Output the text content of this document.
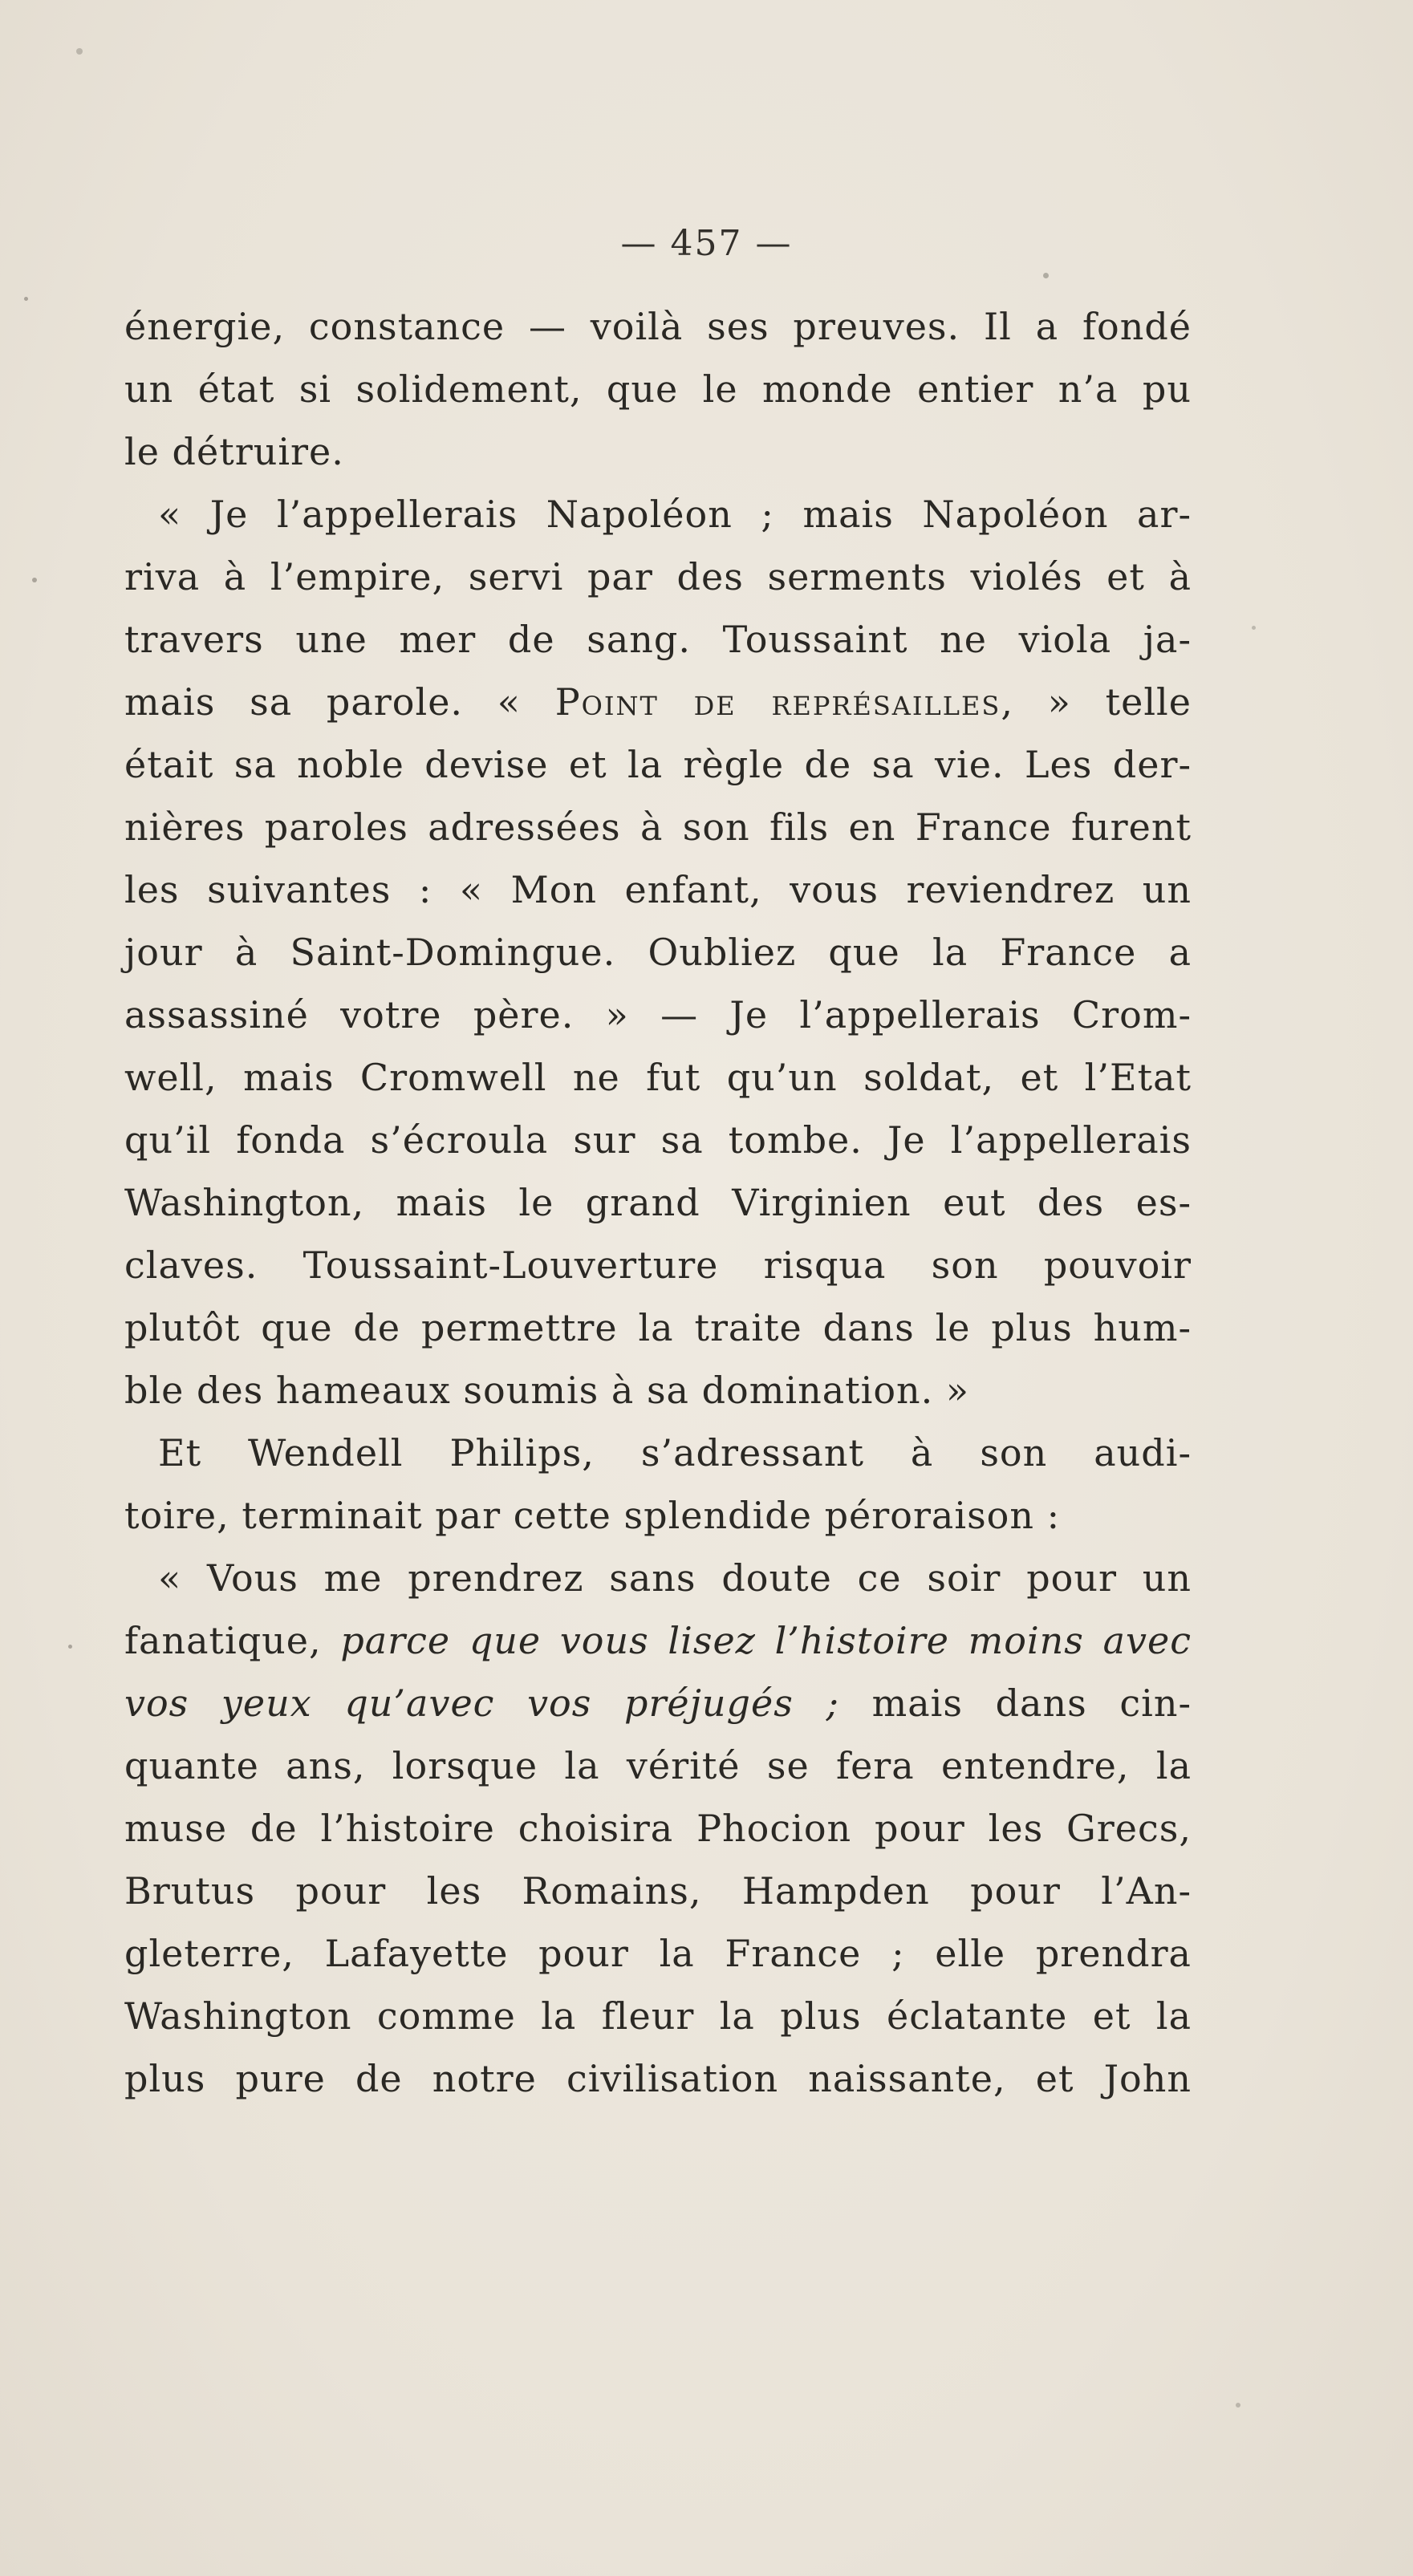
— 457 —
énergie, constance — voilà ses preuves. Il a fondé
un état si solidement, que le monde entier n’a pu
le détruire.
« Je l’appellerais Napoléon ; mais Napoléon ar-
riva à l’empire, servi par des serments violés et à
travers une mer de sang. Toussaint ne viola ja-
mais sa parole. « Point de représailles, » telle
était sa noble devise et la règle de sa vie. Les der-
nières paroles adressées à son fils en France furent
les suivantes : « Mon enfant, vous reviendrez un
jour à Saint-Domingue. Oubliez que la France a
assassiné votre père. » — Je l’appellerais Crom-
well, mais Cromwell ne fut qu’un soldat, et l’Etat
qu’il fonda s’écroula sur sa tombe. Je l’appellerais
Washington, mais le grand Virginien eut des es-
claves. Toussaint-Louverture risqua son pouvoir
plutôt que de permettre la traite dans le plus hum-
ble des hameaux soumis à sa domination. »
Et Wendell Philips, s’adressant à son audi-
toire, terminait par cette splendide péroraison :
« Vous me prendrez sans doute ce soir pour un
fanatique, parce que vous lisez l’histoire moins avec
vos yeux qu’avec vos préjugés ; mais dans cin-
quante ans, lorsque la vérité se fera entendre, la
muse de l’histoire choisira Phocion pour les Grecs,
Brutus pour les Romains, Hampden pour l’An-
gleterre, Lafayette pour la France ; elle prendra
Washington comme la fleur la plus éclatante et la
plus pure de notre civilisation naissante, et John
